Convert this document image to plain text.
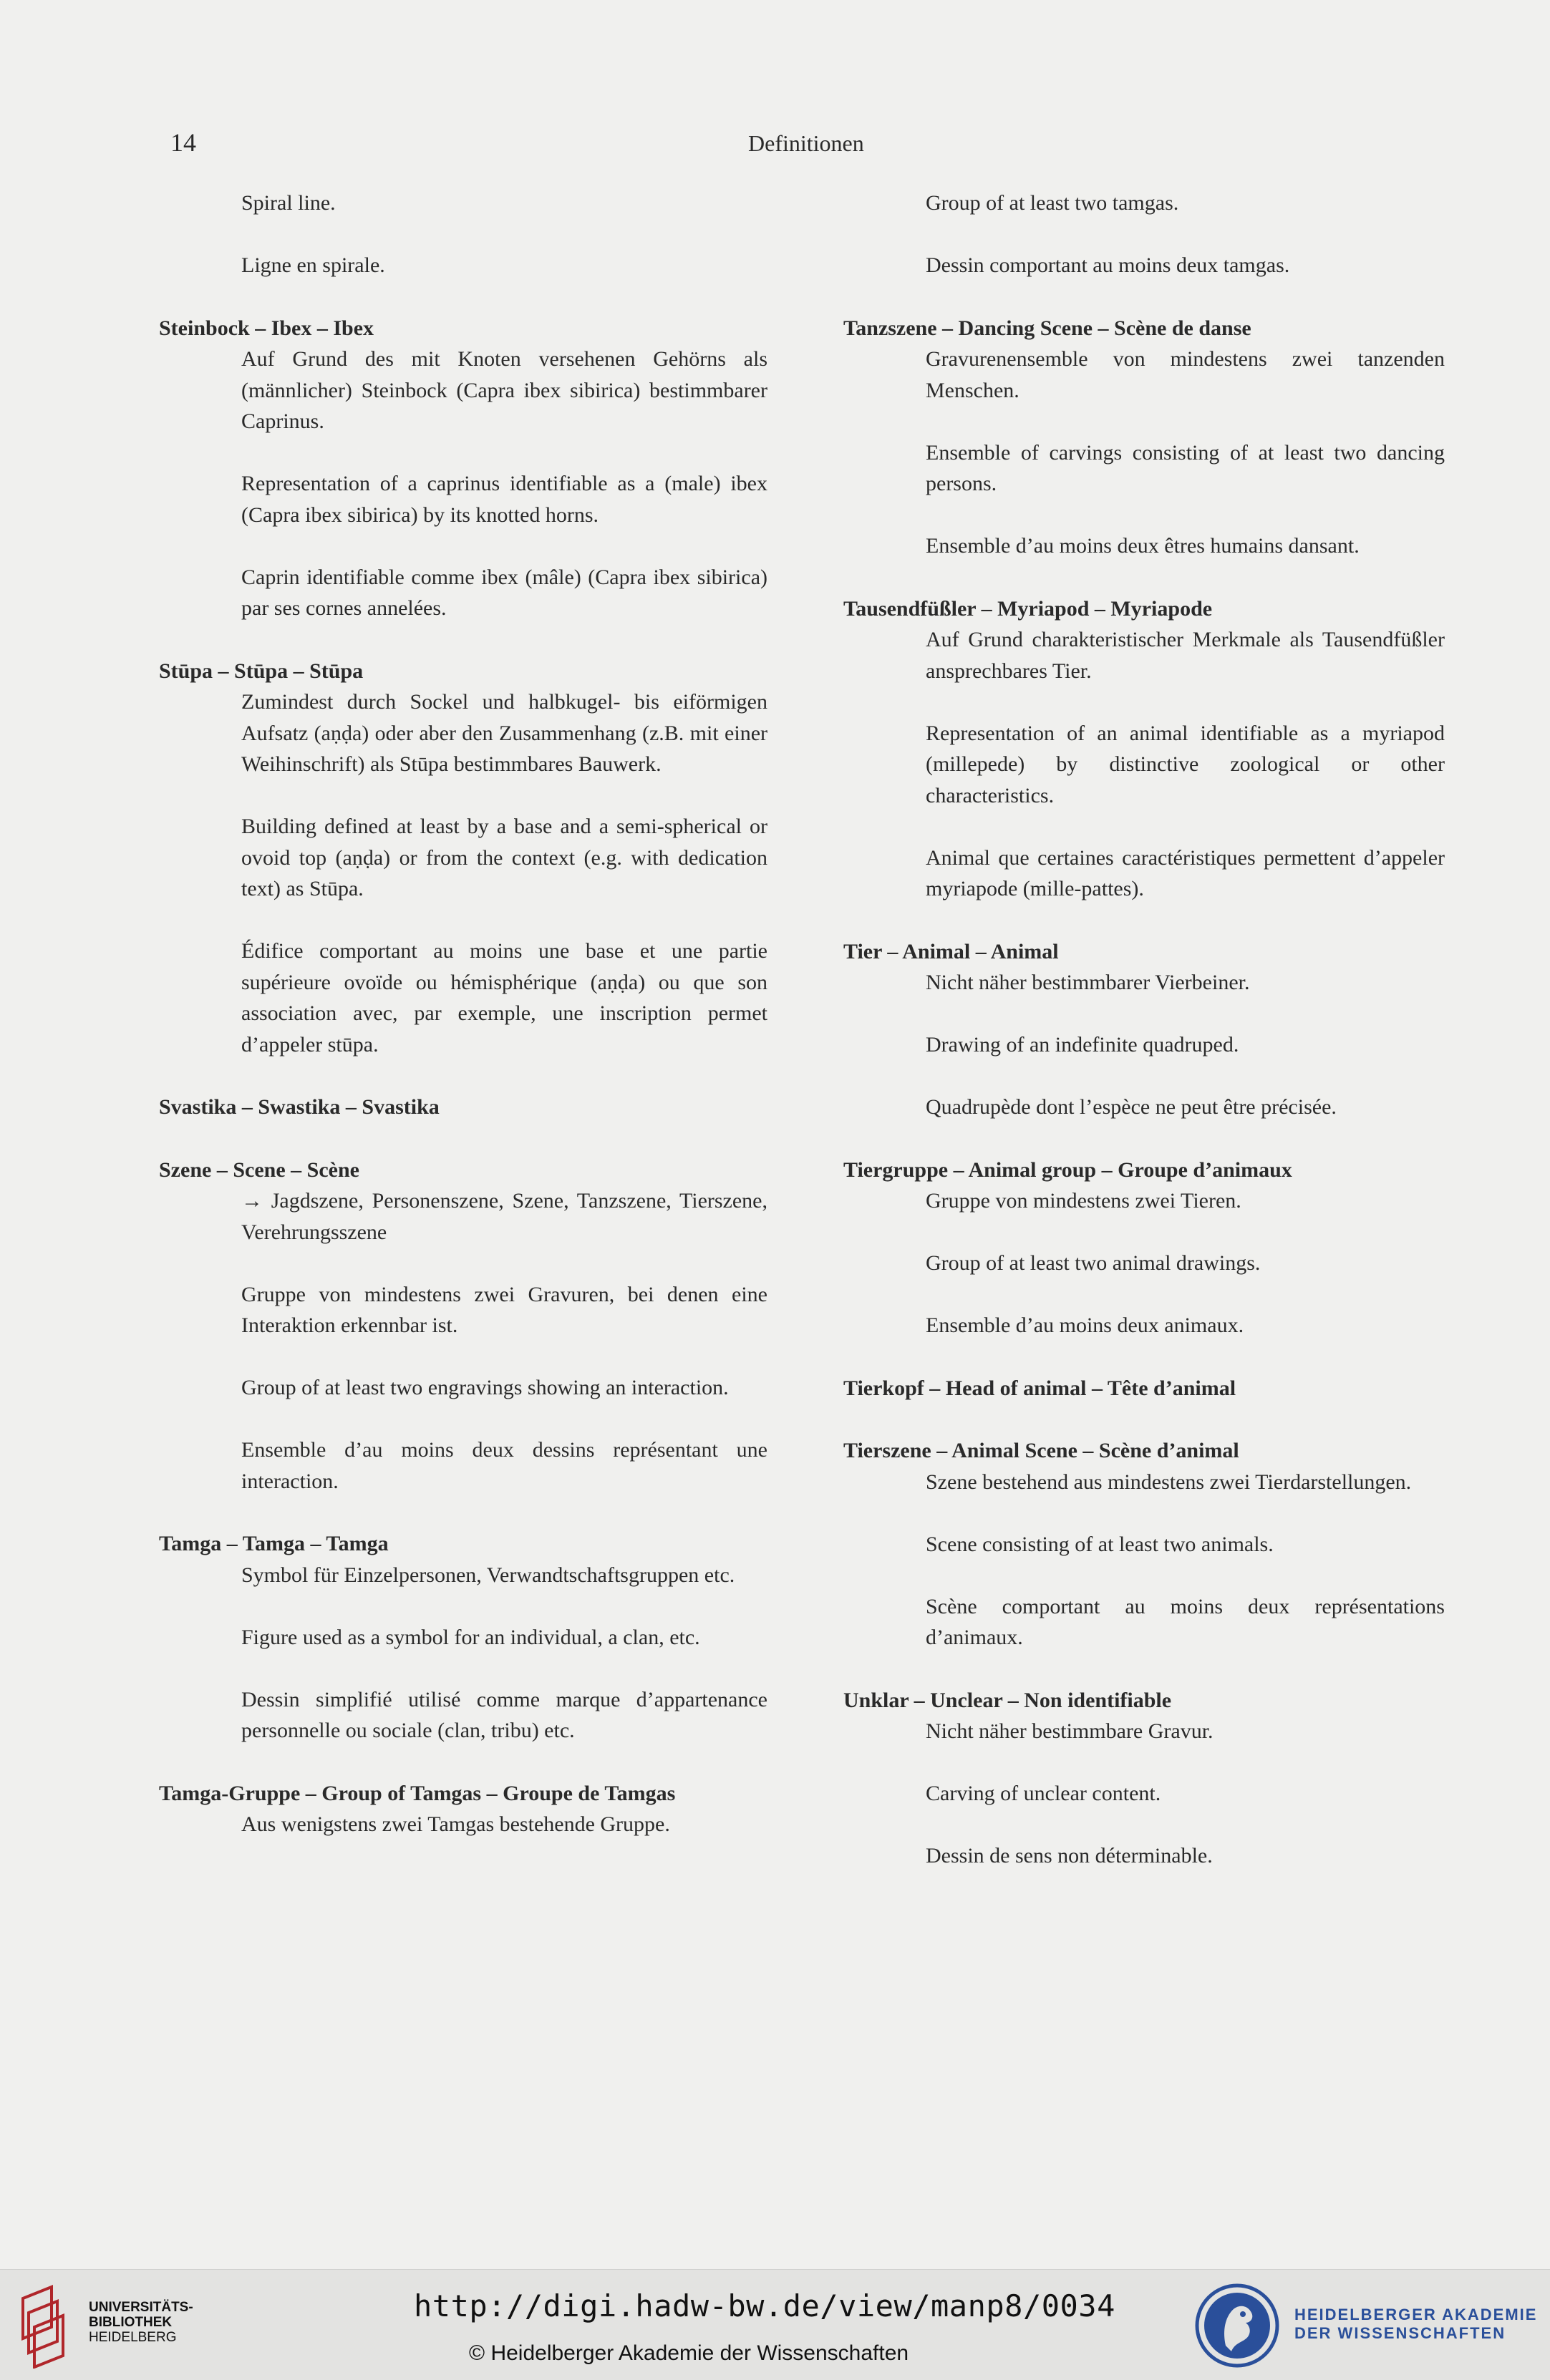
14	Definitionen
Spiral line.
Ligne en spirale.
Steinbock – Ibex – Ibex
Auf Grund des mit Knoten versehenen Gehörns als (männlicher) Steinbock (Capra ibex sibirica) bestimmbarer Caprinus.
Representation of a caprinus identifiable as a (male) ibex (Capra ibex sibirica) by its knotted horns.
Caprin identifiable comme ibex (mâle) (Capra ibex sibirica) par ses cornes annelées.
Stūpa – Stūpa – Stūpa
Zumindest durch Sockel und halbkugel- bis eiförmigen Aufsatz (aṇḍa) oder aber den Zusammenhang (z.B. mit einer Weihinschrift) als Stūpa bestimmbares Bauwerk.
Building defined at least by a base and a semi-spherical or ovoid top (aṇḍa) or from the context (e.g. with dedication text) as Stūpa.
Édifice comportant au moins une base et une partie supérieure ovoïde ou hémisphérique (aṇḍa) ou que son association avec, par exemple, une inscription permet d’appeler stūpa.
Svastika – Swastika – Svastika
Szene – Scene – Scène
→ Jagdszene, Personenszene, Szene, Tanzszene, Tierszene, Verehrungsszene
Gruppe von mindestens zwei Gravuren, bei denen eine Interaktion erkennbar ist.
Group of at least two engravings showing an interaction.
Ensemble d’au moins deux dessins représentant une interaction.
Tamga – Tamga – Tamga
Symbol für Einzelpersonen, Verwandtschaftsgruppen etc.
Figure used as a symbol for an individual, a clan, etc.
Dessin simplifié utilisé comme marque d’appartenance personnelle ou sociale (clan, tribu) etc.
Tamga-Gruppe – Group of Tamgas – Groupe de Tamgas
Aus wenigstens zwei Tamgas bestehende Gruppe.
Group of at least two tamgas.
Dessin comportant au moins deux tamgas.
Tanzszene – Dancing Scene – Scène de danse
Gravurenensemble von mindestens zwei tanzenden Menschen.
Ensemble of carvings consisting of at least two dancing persons.
Ensemble d’au moins deux êtres humains dansant.
Tausendfüßler – Myriapod – Myriapode
Auf Grund charakteristischer Merkmale als Tausendfüßler ansprechbares Tier.
Representation of an animal identifiable as a myriapod (millepede) by distinctive zoological or other characteristics.
Animal que certaines caractéristiques permettent d’appeler myriapode (mille-pattes).
Tier – Animal – Animal
Nicht näher bestimmbarer Vierbeiner.
Drawing of an indefinite quadruped.
Quadrupède dont l’espèce ne peut être précisée.
Tiergruppe – Animal group – Groupe d’animaux
Gruppe von mindestens zwei Tieren.
Group of at least two animal drawings.
Ensemble d’au moins deux animaux.
Tierkopf – Head of animal – Tête d’animal
Tierszene – Animal Scene – Scène d’animal
Szene bestehend aus mindestens zwei Tierdarstellungen.
Scene consisting of at least two animals.
Scène comportant au moins deux représentations d’animaux.
Unklar – Unclear – Non identifiable
Nicht näher bestimmbare Gravur.
Carving of unclear content.
Dessin de sens non déterminable.
UNIVERSITÄTS-
BIBLIOTHEK
HEIDELBERG
http://digi.hadw-bw.de/view/manp8/0034
© Heidelberger Akademie der Wissenschaften
HEIDELBERGER AKADEMIE
DER WISSENSCHAFTEN
